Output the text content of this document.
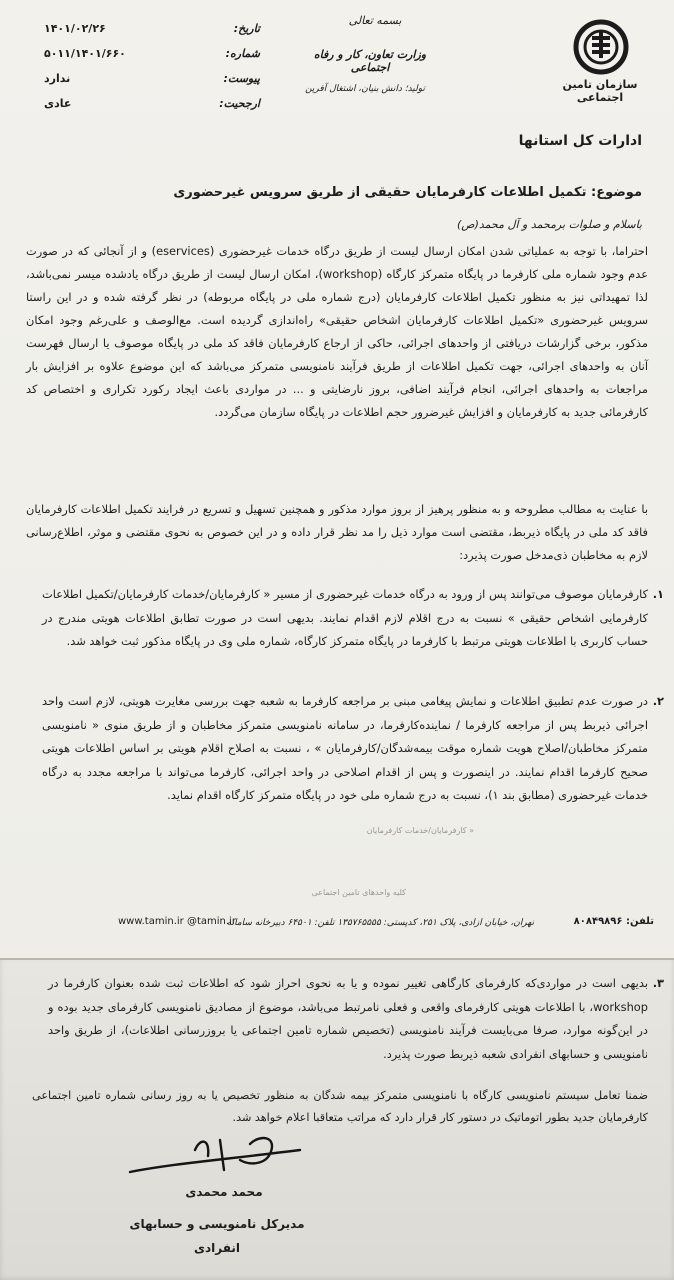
سازمان تامین اجتماعی
بسمه تعالی
وزارت تعاون، کار و رفاه اجتماعی
تولید؛ دانش بنیان، اشتغال آفرین
تاریخ:
۱۴۰۱/۰۲/۲۶
شماره:
۵۰۱۱/۱۴۰۱/۶۶۰
پیوست:
ندارد
ارجحیت:
عادی
ادارات کل استانها
موضوع: تکمیل اطلاعات کارفرمایان حقیقی از طریق سرویس غیرحضوری
باسلام و صلوات برمحمد و آل محمد(ص)
احتراما، با توجه به عملیاتی شدن امکان ارسال لیست از طریق درگاه خدمات غیرحضوری (eservices) و از آنجائی که در صورت عدم وجود شماره ملی کارفرما در پایگاه متمرکز کارگاه (workshop)، امکان ارسال لیست از طریق درگاه یادشده میسر نمی‌باشد، لذا تمهیداتی نیز به منظور تکمیل اطلاعات کارفرمایان (درج شماره ملی در پایگاه مربوطه) در نظر گرفته شده و در این راستا سرویس غیرحضوری «تکمیل اطلاعات کارفرمایان اشخاص حقیقی» راه‌اندازی گردیده است. مع‌الوصف و علی‌رغم وجود امکان مذکور، برخی گزارشات دریافتی از واحدهای اجرائی، حاکی از ارجاع کارفرمایان فاقد کد ملی در پایگاه موصوف یا ارسال فهرست آنان به واحدهای اجرائی، جهت تکمیل اطلاعات از طریق فرآیند نامنویسی متمرکز می‌باشد که این موضوع علاوه بر افزایش بار مراجعات به واحدهای اجرائی، انجام فرآیند اضافی، بروز نارضایتی و ... در مواردی باعث ایجاد رکورد تکراری و اختصاص کد کارفرمائی جدید به کارفرمایان و افزایش غیرضرور حجم اطلاعات در پایگاه سازمان می‌گردد.
با عنایت به مطالب مطروحه و به منظور پرهیز از بروز موارد مذکور و همچنین تسهیل و تسریع در فرایند تکمیل اطلاعات کارفرمایان فاقد کد ملی در پایگاه ذیربط، مقتضی است موارد ذیل را مد نظر قرار داده و در این خصوص به نحوی مقتضی و موثر، اطلاع‌رسانی لازم به مخاطبان ذی‌مدخل صورت پذیرد:
۱.
کارفرمایان موصوف می‌توانند پس از ورود به درگاه خدمات غیرحضوری از مسیر « کارفرمایان/خدمات کارفرمایان/تکمیل اطلاعات کارفرمایی اشخاص حقیقی » نسبت به درج اقلام لازم اقدام نمایند. بدیهی است در صورت تطابق اطلاعات هویتی مندرج در حساب کاربری با اطلاعات هویتی مرتبط با کارفرما در پایگاه متمرکز کارگاه، شماره ملی وی در پایگاه مذکور ثبت خواهد شد.
۲.
در صورت عدم تطبیق اطلاعات و نمایش پیغامی مبنی بر مراجعه کارفرما به شعبه جهت بررسی مغایرت هویتی، لازم است واحد اجرائی ذیربط پس از مراجعه کارفرما / نماینده‌کارفرما، در سامانه نامنویسی متمرکز مخاطبان و از طریق منوی « نامنویسی متمرکز مخاطبان/اصلاح هویت شماره موقت بیمه‌شدگان/کارفرمایان » ، نسبت به اصلاح اقلام هویتی بر اساس اطلاعات هویتی صحیح کارفرما اقدام نمایند. در اینصورت و پس از اقدام اصلاحی در واحد اجرائی، کارفرما می‌تواند با مراجعه مجدد به درگاه خدمات غیرحضوری (مطابق بند ۱)، نسبت به درج شماره ملی خود در پایگاه متمرکز کارگاه اقدام نماید.
« کارفرمایان/خدمات کارفرمایان
کلیه واحدهای تامین اجتماعی
تلفن: ۸۰۸۴۹۸۹۶
تهران، خیابان آزادی، پلاک ۲۵۱، کدپستی: ۱۳۵۷۶۵۵۵۵ تلفن: ۶۴۵۰۱ دبیرخانه سامانه
www.tamin.ir @tamin.ir
۳.
بدیهی است در مواردی‌که کارفرمای کارگاهی تغییر نموده و یا به نحوی احراز شود که اطلاعات ثبت شده بعنوان کارفرما در workshop، با اطلاعات هویتی کارفرمای واقعی و فعلی نامرتبط می‌باشد، موضوع از مصادیق نامنویسی کارفرمای جدید بوده و در این‌گونه موارد، صرفا می‌بایست فرآیند نامنویسی (تخصیص شماره تامین اجتماعی یا بروزرسانی اطلاعات)، از طریق واحد نامنویسی و حسابهای انفرادی شعبه ذیربط صورت پذیرد.
ضمنا تعامل سیستم نامنویسی کارگاه با نامنویسی متمرکز بیمه شدگان به منظور تخصیص یا به روز رسانی شماره تامین اجتماعی کارفرمایان جدید بطور اتوماتیک در دستور کار قرار دارد که مراتب متعاقبا اعلام خواهد شد.
محمد محمدی
مدیرکل نامنویسی و حسابهای
انفرادی
